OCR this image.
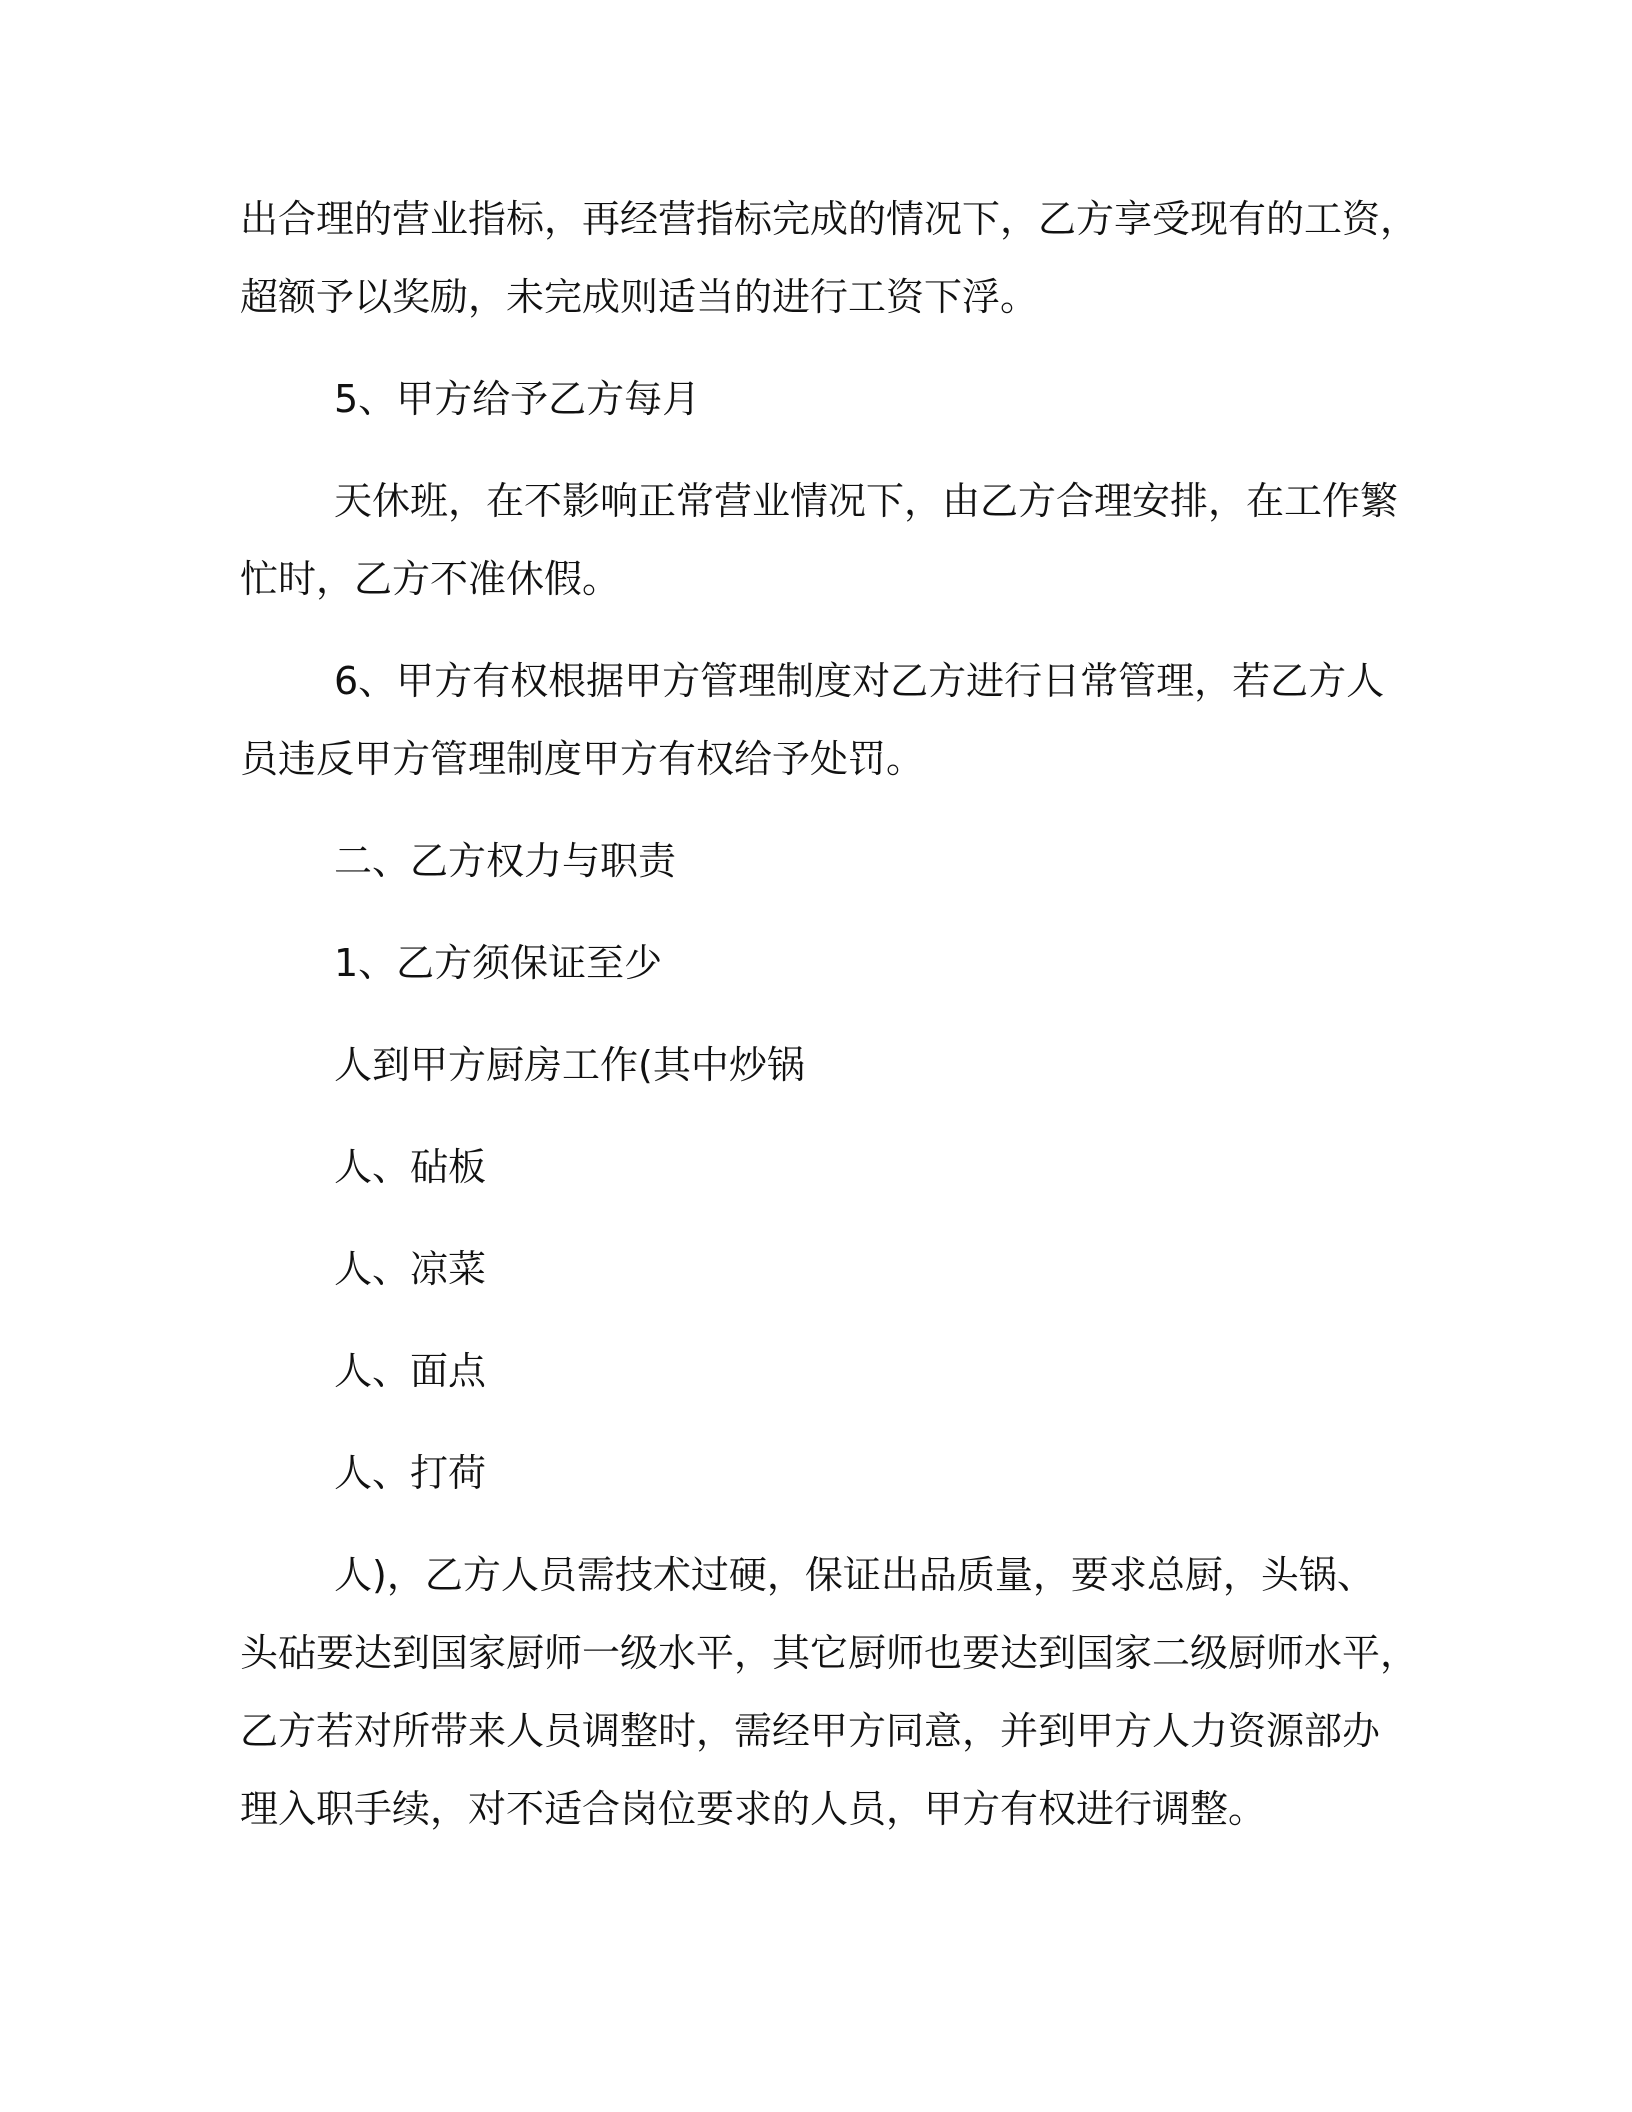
出合理的营业指标，再经营指标完成的情况下，乙方享受现有的工资，
超额予以奖励，未完成则适当的进行工资下浮。
5、甲方给予乙方每月
天休班，在不影响正常营业情况下，由乙方合理安排，在工作繁
忙时，乙方不准休假。
6、甲方有权根据甲方管理制度对乙方进行日常管理，若乙方人
员违反甲方管理制度甲方有权给予处罚。
二、乙方权力与职责
1、乙方须保证至少
人到甲方厨房工作(其中炒锅
人、砧板
人、凉菜
人、面点
人、打荷
人)，乙方人员需技术过硬，保证出品质量，要求总厨，头锅、
头砧要达到国家厨师一级水平，其它厨师也要达到国家二级厨师水平，
乙方若对所带来人员调整时，需经甲方同意，并到甲方人力资源部办
理入职手续，对不适合岗位要求的人员，甲方有权进行调整。
